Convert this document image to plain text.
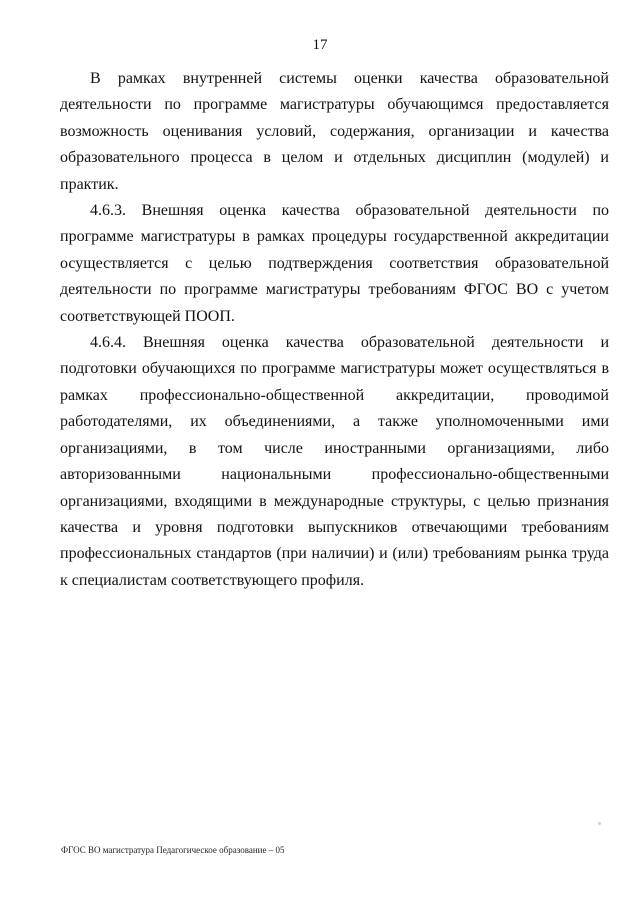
17

В рамках внутренней системы оценки качества образовательной деятельности по программе магистратуры обучающимся предоставляется возможность оценивания условий, содержания, организации и качества образовательного процесса в целом и отдельных дисциплин (модулей) и практик.

4.6.3. Внешняя оценка качества образовательной деятельности по программе магистратуры в рамках процедуры государственной аккредитации осуществляется с целью подтверждения соответствия образовательной деятельности по программе магистратуры требованиям ФГОС ВО с учетом соответствующей ПООП.

4.6.4. Внешняя оценка качества образовательной деятельности и подготовки обучающихся по программе магистратуры может осуществляться в рамках профессионально-общественной аккредитации, проводимой работодателями, их объединениями, а также уполномоченными ими организациями, в том числе иностранными организациями, либо авторизованными национальными профессионально-общественными организациями, входящими в международные структуры, с целью признания качества и уровня подготовки выпускников отвечающими требованиям профессиональных стандартов (при наличии) и (или) требованиям рынка труда к специалистам соответствующего профиля.

ФГОС ВО магистратура Педагогическое образование – 05
